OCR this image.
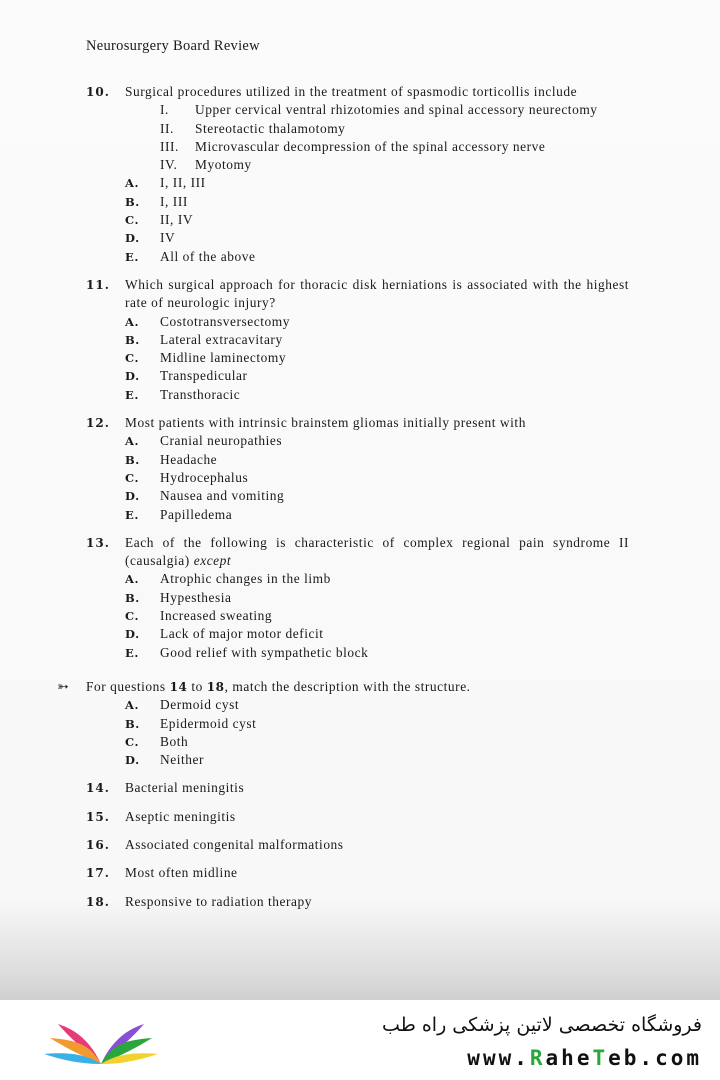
Neurosurgery Board Review
10.	Surgical procedures utilized in the treatment of spasmodic torticollis include
I.	Upper cervical ventral rhizotomies and spinal accessory neurectomy
II.	Stereotactic thalamotomy
III.	Microvascular decompression of the spinal accessory nerve
IV.	Myotomy
A.	I, II, III
B.	I, III
C.	II, IV
D.	IV
E.	All of the above
11.	Which surgical approach for thoracic disk herniations is associated with the highest rate of neurologic injury?
A.	Costotransversectomy
B.	Lateral extracavitary
C.	Midline laminectomy
D.	Transpedicular
E.	Transthoracic
12.	Most patients with intrinsic brainstem gliomas initially present with
A.	Cranial neuropathies
B.	Headache
C.	Hydrocephalus
D.	Nausea and vomiting
E.	Papilledema
13.	Each of the following is characteristic of complex regional pain syndrome II (causalgia) except
A.	Atrophic changes in the limb
B.	Hypesthesia
C.	Increased sweating
D.	Lack of major motor deficit
E.	Good relief with sympathetic block
➳ For questions 14 to 18, match the description with the structure.
A.	Dermoid cyst
B.	Epidermoid cyst
C.	Both
D.	Neither
14.	Bacterial meningitis
15.	Aseptic meningitis
16.	Associated congenital malformations
17.	Most often midline
18.	Responsive to radiation therapy
فروشگاه تخصصی لاتین پزشکی راه طب
www.RaheTeb.com
